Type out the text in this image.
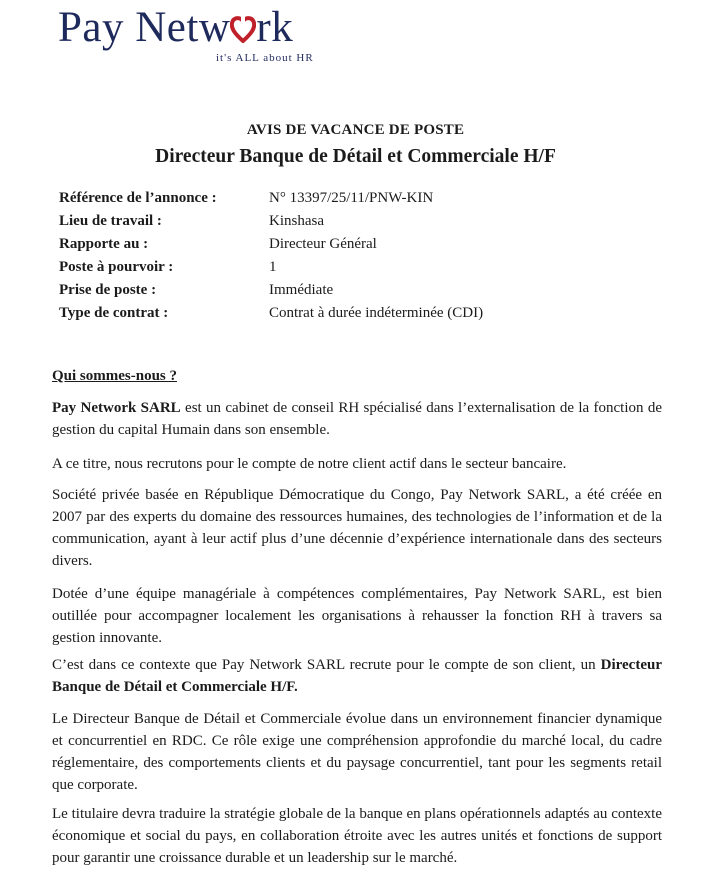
Pay Netw rk
it's ALL about HR
AVIS DE VACANCE DE POSTE
Directeur Banque de Détail et Commerciale H/F
Référence de l’annonce :	N° 13397/25/11/PNW-KIN
Lieu de travail :	Kinshasa
Rapporte au :	Directeur Général
Poste à pourvoir :	1
Prise de poste :	Immédiate
Type de contrat :	Contrat à durée indéterminée (CDI)
Qui sommes-nous ?

Pay Network SARL est un cabinet de conseil RH spécialisé dans l’externalisation de la fonction de gestion du capital Humain dans son ensemble.

A ce titre, nous recrutons pour le compte de notre client actif dans le secteur bancaire.

Société privée basée en République Démocratique du Congo, Pay Network SARL, a été créée en 2007 par des experts du domaine des ressources humaines, des technologies de l’information et de la communication, ayant à leur actif plus d’une décennie d’expérience internationale dans des secteurs divers.

Dotée d’une équipe managériale à compétences complémentaires, Pay Network SARL, est bien outillée pour accompagner localement les organisations à rehausser la fonction RH à travers sa gestion innovante.

C’est dans ce contexte que Pay Network SARL recrute pour le compte de son client, un Directeur Banque de Détail et Commerciale H/F.

Le Directeur Banque de Détail et Commerciale évolue dans un environnement financier dynamique et concurrentiel en RDC. Ce rôle exige une compréhension approfondie du marché local, du cadre réglementaire, des comportements clients et du paysage concurrentiel, tant pour les segments retail que corporate.

Le titulaire devra traduire la stratégie globale de la banque en plans opérationnels adaptés au contexte économique et social du pays, en collaboration étroite avec les autres unités et fonctions de support pour garantir une croissance durable et un leadership sur le marché.
